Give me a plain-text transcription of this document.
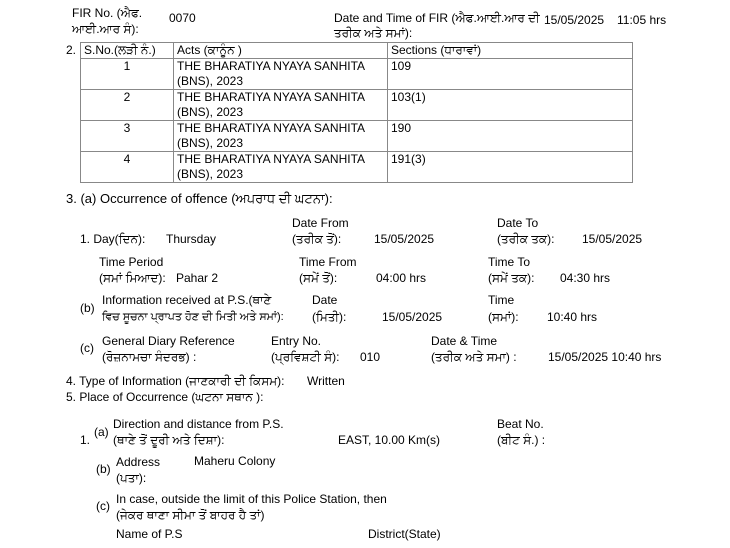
FIR No. (ਐਫ.
ਆਈ.ਆਰ ਸੰ):
0070	Date and Time of FIR (ਐਫ.ਆਈ.ਆਰ ਦੀ
ਤਰੀਕ ਅਤੇ ਸਮਾਂ):
15/05/2025 11:05 hrs
2. S.No.(ਲੜੀ ਨੰ.)	Acts (ਕਾਨੂੰਨ )	Sections (ਧਾਰਾਵਾਂ)
1	THE BHARATIYA NYAYA SANHITA
(BNS), 2023	109
2	THE BHARATIYA NYAYA SANHITA
(BNS), 2023	103(1)
3	THE BHARATIYA NYAYA SANHITA
(BNS), 2023	190
4	THE BHARATIYA NYAYA SANHITA
(BNS), 2023	191(3)
3. (a) Occurrence of offence (ਅਪਰਾਧ ਦੀ ਘਟਨਾ):
Date From
(ਤਰੀਕ ਤੋਂ):	15/05/2025
Date To
(ਤਰੀਕ ਤਕ): 15/05/2025
1. Day(ਦਿਨ): Thursday
Time Period
(ਸਮਾਂ ਮਿਆਦ): Pahar 2
Time From
(ਸਮੇਂ ਤੋਂ):	04:00 hrs
Time To
(ਸਮੇਂ ਤਕ): 04:30 hrs
(b)
Information received at P.S.(ਥਾਣੇ
ਵਿਚ ਸੂਚਨਾ ਪ੍ਰਾਪਤ ਹੋਣ ਦੀ ਮਿਤੀ ਅਤੇ ਸਮਾਂ):
Date
(ਮਿਤੀ):	15/05/2025
Time
(ਸਮਾਂ): 10:40 hrs
(c) General Diary Reference
(ਰੋਜ਼ਨਾਮਚਾ ਸੰਦਰਭ) :
Entry No.
(ਪ੍ਰਵਿਸ਼ਟੀ ਸੰ): 010
Date & Time
(ਤਰੀਕ ਅਤੇ ਸਮਾ) :	15/05/2025 10:40 hrs
4. Type of Information (ਜਾਣਕਾਰੀ ਦੀ ਕਿਸਮ): Written
5. Place of Occurrence (ਘਟਨਾ ਸਥਾਨ ):
1.
(a)
Direction and distance from P.S.
(ਥਾਣੇ ਤੋਂ ਦੂਰੀ ਅਤੇ ਦਿਸ਼ਾ):	EAST, 10.00 Km(s)
Beat No.
(ਬੀਟ ਸੰ.) :
(b) Address
(ਪਤਾ):
Maheru Colony
(c) In case, outside the limit of this Police Station, then
(ਜੇਕਰ ਥਾਣਾ ਸੀਮਾ ਤੋਂ ਬਾਹਰ ਹੈ ਤਾਂ)
Name of P.S	District(State)
